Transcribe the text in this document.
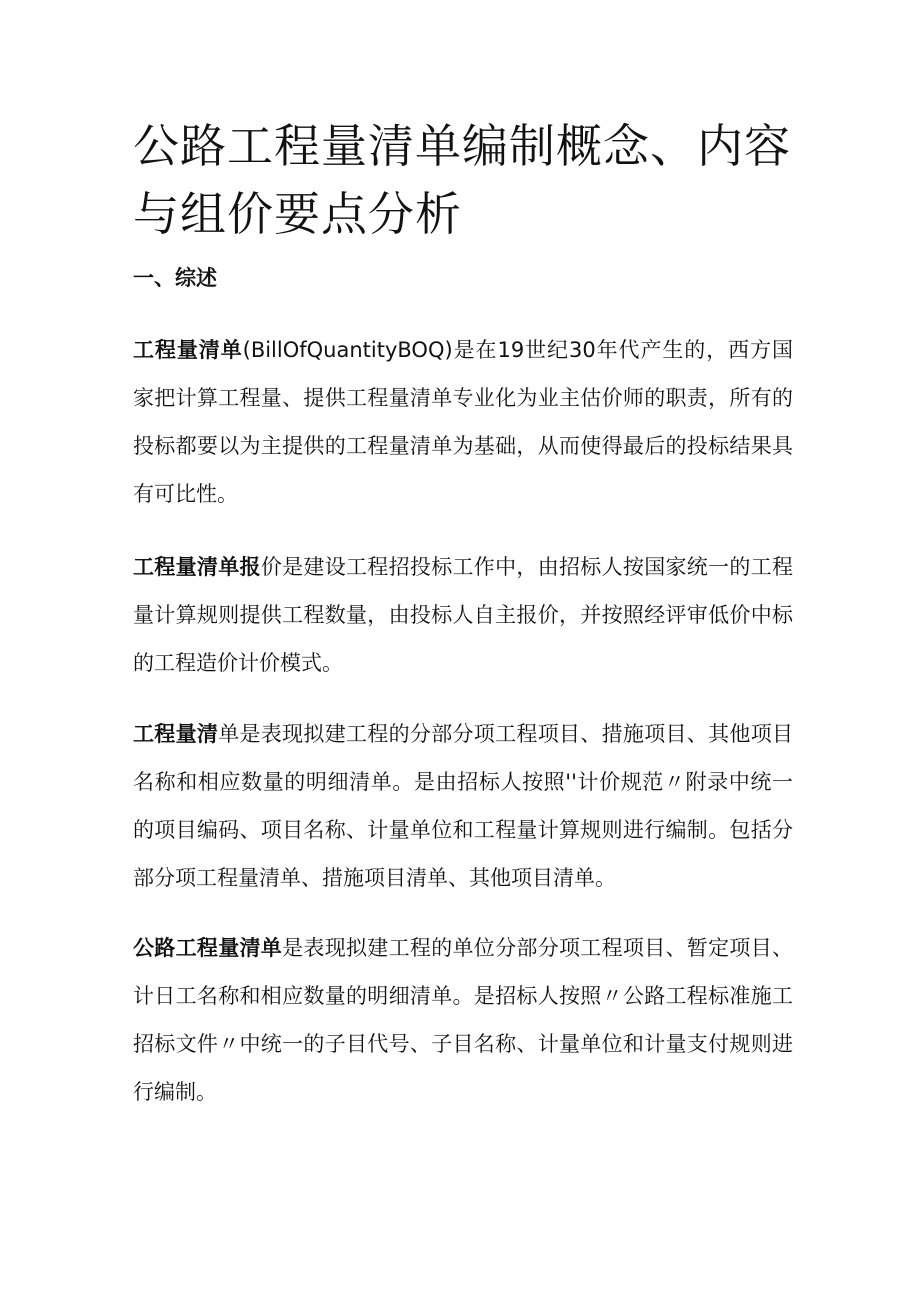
公路工程量清单编制概念、内容与组价要点分析
一、综述

工程量清单(BillOfQuantityBOQ)是在19世纪30年代产生的，西方国家把计算工程量、提供工程量清单专业化为业主估价师的职责，所有的投标都要以为主提供的工程量清单为基础，从而使得最后的投标结果具有可比性。

工程量清单报价是建设工程招投标工作中，由招标人按国家统一的工程量计算规则提供工程数量，由投标人自主报价，并按照经评审低价中标的工程造价计价模式。

工程量清单是表现拟建工程的分部分项工程项目、措施项目、其他项目名称和相应数量的明细清单。是由招标人按照''计价规范〃附录中统一的项目编码、项目名称、计量单位和工程量计算规则进行编制。包括分部分项工程量清单、措施项目清单、其他项目清单。

公路工程量清单是表现拟建工程的单位分部分项工程项目、暂定项目、计日工名称和相应数量的明细清单。是招标人按照〃公路工程标准施工招标文件〃中统一的子目代号、子目名称、计量单位和计量支付规则进行编制。
